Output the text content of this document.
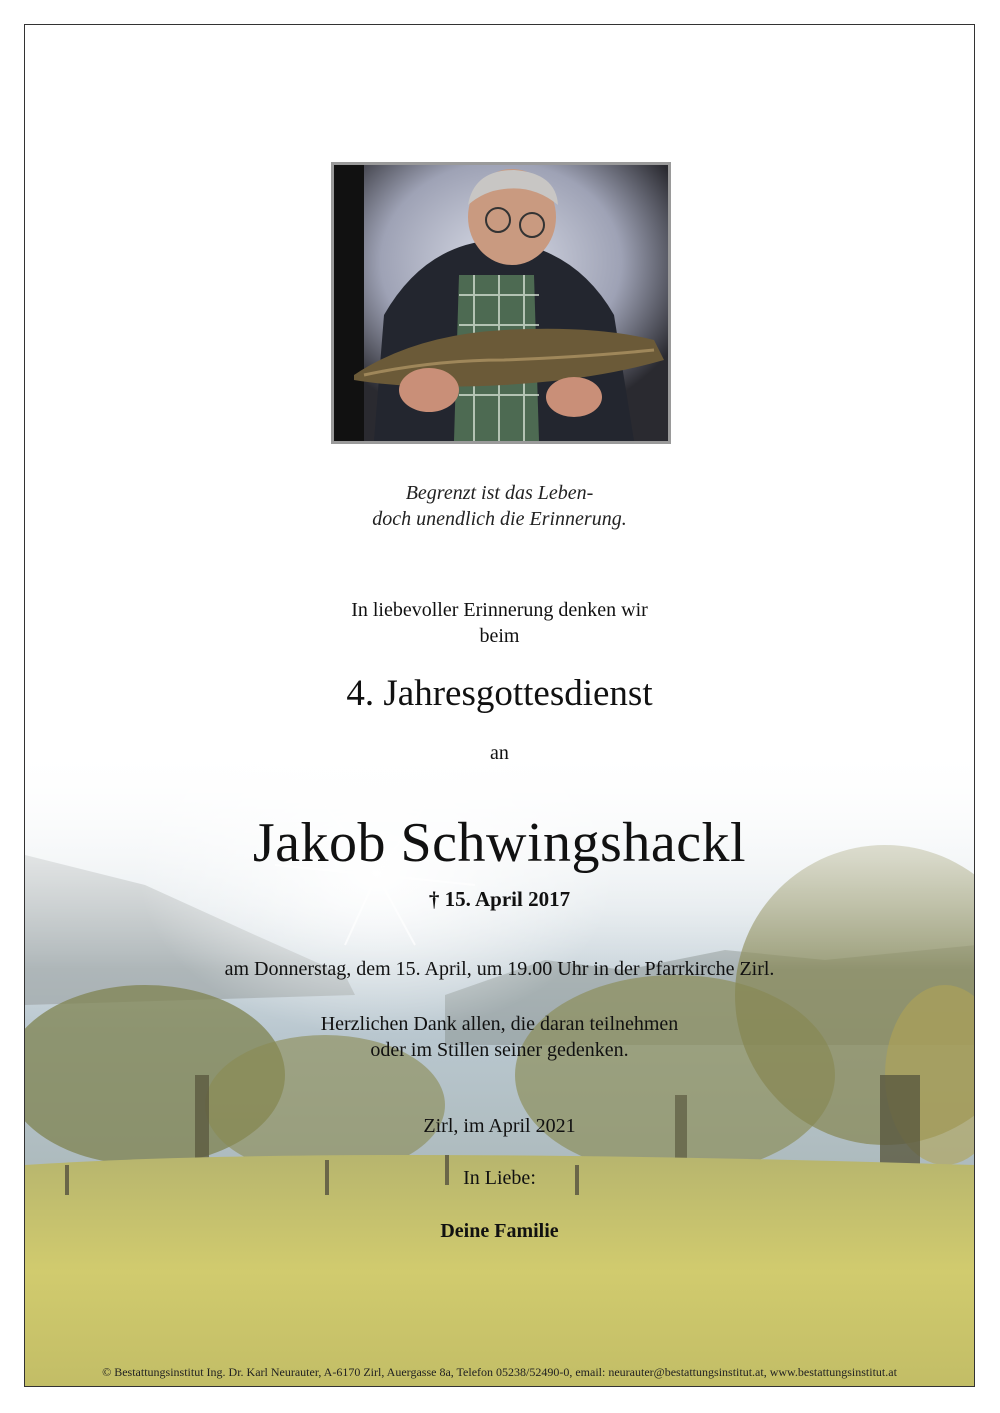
Begrenzt ist das Leben-
doch unendlich die Erinnerung.
In liebevoller Erinnerung denken wir
beim
4. Jahresgottesdienst
an
Jakob Schwingshackl
† 15. April 2017
am Donnerstag, dem 15. April, um 19.00 Uhr in der Pfarrkirche Zirl.
Herzlichen Dank allen, die daran teilnehmen
oder im Stillen seiner gedenken.
Zirl, im April 2021
In Liebe:
Deine Familie
© Bestattungsinstitut Ing. Dr. Karl Neurauter, A-6170 Zirl, Auergasse 8a, Telefon 05238/52490-0, email: neurauter@bestattungsinstitut.at, www.bestattungsinstitut.at
